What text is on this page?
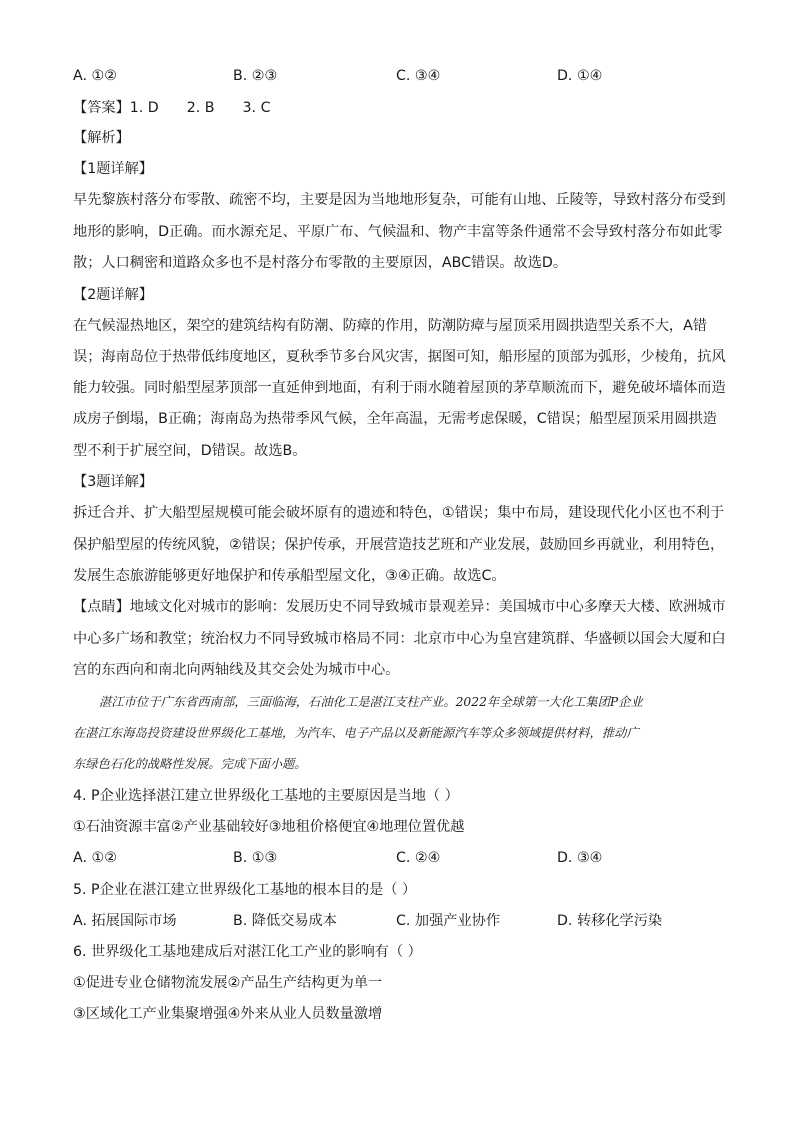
A. ①②	B. ②③	C. ③④	D. ①④
【答案】1. D 2. B 3. C
【解析】
【1题详解】
早先黎族村落分布零散、疏密不均，主要是因为当地地形复杂，可能有山地、丘陵等，导致村落分布受到
地形的影响，D正确。而水源充足、平原广布、气候温和、物产丰富等条件通常不会导致村落分布如此零
散；人口稠密和道路众多也不是村落分布零散的主要原因，ABC错误。故选D。
【2题详解】
在气候湿热地区，架空的建筑结构有防潮、防瘴的作用，防潮防瘴与屋顶采用圆拱造型关系不大，A错
误；海南岛位于热带低纬度地区，夏秋季节多台风灾害，据图可知，船形屋的顶部为弧形，少棱角，抗风
能力较强。同时船型屋茅顶部一直延伸到地面，有利于雨水随着屋顶的茅草顺流而下，避免破坏墙体而造
成房子倒塌，B正确；海南岛为热带季风气候，全年高温，无需考虑保暖，C错误；船型屋顶采用圆拱造
型不利于扩展空间，D错误。故选B。
【3题详解】
拆迁合并、扩大船型屋规模可能会破坏原有的遗迹和特色，①错误；集中布局，建设现代化小区也不利于
保护船型屋的传统风貌，②错误；保护传承，开展营造技艺班和产业发展，鼓励回乡再就业，利用特色，
发展生态旅游能够更好地保护和传承船型屋文化，③④正确。故选C。
【点睛】地域文化对城市的影响：发展历史不同导致城市景观差异：美国城市中心多摩天大楼、欧洲城市
中心多广场和教堂；统治权力不同导致城市格局不同：北京市中心为皇宫建筑群、华盛顿以国会大厦和白
宫的东西向和南北向两轴线及其交会处为城市中心。
湛江市位于广东省西南部，三面临海，石油化工是湛江支柱产业。2022年全球第一大化工集团P企业
在湛江东海岛投资建设世界级化工基地，为汽车、电子产品以及新能源汽车等众多领域提供材料，推动广
东绿色石化的战略性发展。完成下面小题。
4. P企业选择湛江建立世界级化工基地的主要原因是当地（ ）
①石油资源丰富②产业基础较好③地租价格便宜④地理位置优越
A. ①②	B. ①③	C. ②④	D. ③④
5. P企业在湛江建立世界级化工基地的根本目的是（ ）
A. 拓展国际市场	B. 降低交易成本	C. 加强产业协作	D. 转移化学污染
6. 世界级化工基地建成后对湛江化工产业的影响有（ ）
①促进专业仓储物流发展②产品生产结构更为单一
③区域化工产业集聚增强④外来从业人员数量激增
